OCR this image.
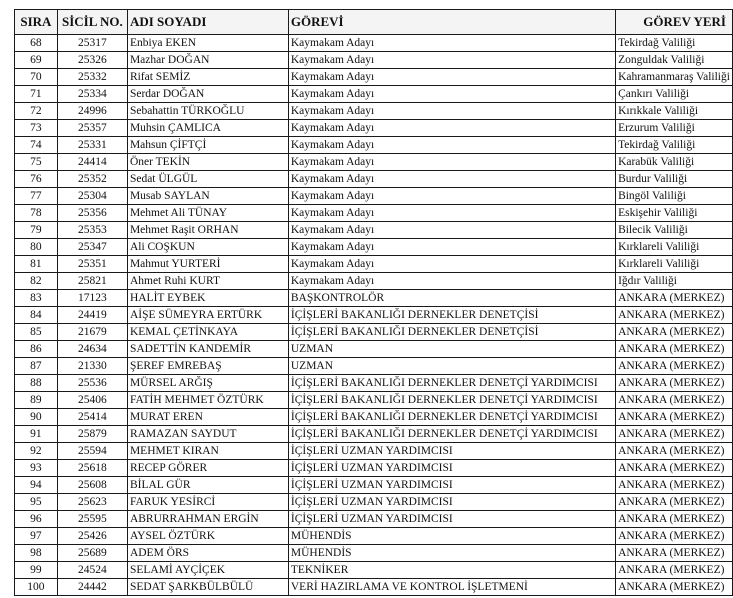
SIRA	SİCİL NO.	ADI SOYADI	GÖREVİ	GÖREV YERİ
68	25317	Enbiya EKEN	Kaymakam Adayı	Tekirdağ Valiliği
69	25326	Mazhar DOĞAN	Kaymakam Adayı	Zonguldak Valiliği
70	25332	Rifat SEMİZ	Kaymakam Adayı	Kahramanmaraş Valiliği
71	25334	Serdar DOĞAN	Kaymakam Adayı	Çankırı Valiliği
72	24996	Sebahattin TÜRKOĞLU	Kaymakam Adayı	Kırıkkale Valiliği
73	25357	Muhsin ÇAMLICA	Kaymakam Adayı	Erzurum Valiliği
74	25331	Mahsun ÇİFTÇİ	Kaymakam Adayı	Tekirdağ Valiliği
75	24414	Öner TEKİN	Kaymakam Adayı	Karabük Valiliği
76	25352	Sedat ÜLGÜL	Kaymakam Adayı	Burdur Valiliği
77	25304	Musab SAYLAN	Kaymakam Adayı	Bingöl Valiliği
78	25356	Mehmet Ali TÜNAY	Kaymakam Adayı	Eskişehir Valiliği
79	25353	Mehmet Raşit ORHAN	Kaymakam Adayı	Bilecik Valiliği
80	25347	Ali COŞKUN	Kaymakam Adayı	Kırklareli Valiliği
81	25351	Mahmut YURTERİ	Kaymakam Adayı	Kırklareli Valiliği
82	25821	Ahmet Ruhi KURT	Kaymakam Adayı	Iğdır Valiliği
83	17123	HALİT EYBEK	BAŞKONTROLÖR	ANKARA (MERKEZ)
84	24419	AİŞE SÜMEYRA ERTÜRK	İÇİŞLERİ BAKANLIĞI DERNEKLER DENETÇİSİ	ANKARA (MERKEZ)
85	21679	KEMAL ÇETİNKAYA	İÇİŞLERİ BAKANLIĞI DERNEKLER DENETÇİSİ	ANKARA (MERKEZ)
86	24634	SADETTİN KANDEMİR	UZMAN	ANKARA (MERKEZ)
87	21330	ŞEREF EMREBAŞ	UZMAN	ANKARA (MERKEZ)
88	25536	MÜRSEL ARĞIŞ	İÇİŞLERİ BAKANLIĞI DERNEKLER DENETÇİ YARDIMCISI	ANKARA (MERKEZ)
89	25406	FATİH MEHMET ÖZTÜRK	İÇİŞLERİ BAKANLIĞI DERNEKLER DENETÇİ YARDIMCISI	ANKARA (MERKEZ)
90	25414	MURAT EREN	İÇİŞLERİ BAKANLIĞI DERNEKLER DENETÇİ YARDIMCISI	ANKARA (MERKEZ)
91	25879	RAMAZAN SAYDUT	İÇİŞLERİ BAKANLIĞI DERNEKLER DENETÇİ YARDIMCISI	ANKARA (MERKEZ)
92	25594	MEHMET KIRAN	İÇİŞLERİ UZMAN YARDIMCISI	ANKARA (MERKEZ)
93	25618	RECEP GÖRER	İÇİŞLERİ UZMAN YARDIMCISI	ANKARA (MERKEZ)
94	25608	BİLAL GÜR	İÇİŞLERİ UZMAN YARDIMCISI	ANKARA (MERKEZ)
95	25623	FARUK YESİRCİ	İÇİŞLERİ UZMAN YARDIMCISI	ANKARA (MERKEZ)
96	25595	ABRURRAHMAN ERGİN	İÇİŞLERİ UZMAN YARDIMCISI	ANKARA (MERKEZ)
97	25426	AYSEL ÖZTÜRK	MÜHENDİS	ANKARA (MERKEZ)
98	25689	ADEM ÖRS	MÜHENDİS	ANKARA (MERKEZ)
99	24524	SELAMİ AYÇİÇEK	TEKNİKER	ANKARA (MERKEZ)
100	24442	SEDAT ŞARKBÜLBÜLÜ	VERİ HAZIRLAMA VE KONTROL İŞLETMENİ	ANKARA (MERKEZ)
